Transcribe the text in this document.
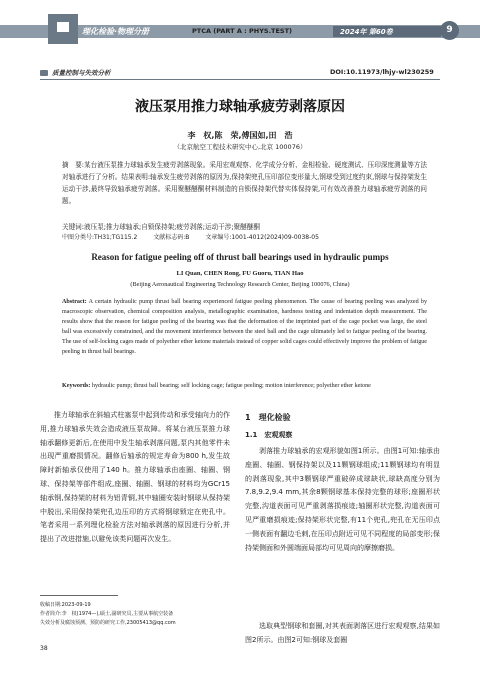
理化检验·物理分册	PTCA (PART A : PHYS.TEST)	2024年 第60卷	9
质量控制与失效分析	DOI:10.11973/lhjy-wl230259
液压泵用推力球轴承疲劳剥落原因
李　权,陈　荣,傅国如,田　浩
（北京航空工程技术研究中心,北京 100076）
摘　要:某台液压泵推力球轴承发生疲劳剥落现象。采用宏观观察、化学成分分析、金相检验、硬度测试、压印深度测量等方法对轴承进行了分析。结果表明:轴承发生疲劳剥落的原因为,保持架兜孔压印部位变形量大,钢球受到过度约束,钢球与保持架发生运动干涉,最终导致轴承疲劳剥落。采用聚醚醚酮材料制造的自锁保持架代替实体保持架,可有效改善推力球轴承疲劳剥落的问题。
关键词:液压泵;推力球轴承;自锁保持架;疲劳剥落;运动干涉;聚醚醚酮
中图分类号:TH31;TG115.2	文献标志码:B	文章编号:1001-4012(2024)09-0038-05
Reason for fatigue peeling off of thrust ball bearings used in hydraulic pumps
LI Quan, CHEN Rong, FU Guoru, TIAN Hao
(Beijing Aeronautical Engineering Technology Research Center, Beijing 100076, China)
Abstract: A certain hydraulic pump thrust ball bearing experienced fatigue peeling phenomenon. The cause of bearing peeling was analyzed by macroscopic observation, chemical composition analysis, metallographic examination, hardness testing and indentation depth measurement. The results show that the reason for fatigue peeling of the bearing was that the deformation of the imprinted part of the cage pocket was large, the steel ball was excessively constrained, and the movement interference between the steel ball and the cage ultimately led to fatigue peeling of the bearing. The use of self-locking cages made of polyether ether ketone materials instead of copper solid cages could effectively improve the problem of fatigue peeling in thrust ball bearings.
Keywords: hydraulic pump; thrust ball bearing; self locking cage; fatigue peeling; motion interference; polyether ether ketone
推力球轴承在斜轴式柱塞泵中起到传动和承受轴向力的作用,推力球轴承失效会造成液压泵故障。将某台液压泵推力球轴承翻修更新后,在使用中发生轴承剥落问题,泵内其他零件未出现严重磨损情况。翻修后轴承的规定寿命为800 h,发生故障时新轴承仅使用了140 h。推力球轴承由座圈、轴圈、钢球、保持架等部件组成,座圈、轴圈、钢球的材料均为GCr15轴承钢,保持架的材料为铝青铜,其中轴圈安装时钢球从保持架中脱出,采用保持架兜孔边压印的方式将钢球锁定在兜孔中。笔者采用一系列理化检验方法对轴承剥落的原因进行分析,并提出了改进措施,以避免该类问题再次发生。
1　理化检验
1.1　宏观观察
剥落推力球轴承的宏观形貌如图1所示。由图1可知:轴承由座圈、轴圈、钢保持架以及11颗钢球组成;11颗钢球均有明显的剥落现象,其中3颗钢球严重破碎成球缺状,球缺高度分别为7.8,9.2,9.4 mm,其余8颗钢球基本保持完整的球形;座圈形状完整,沟道表面可见严重剥落损痕迹;轴圈形状完整,沟道表面可见严重磨损痕迹;保持架形状完整,有11个兜孔,兜孔在无压印点一侧表面有翻边毛刺,在压印点附近可见不同程度的局部变形;保持架侧面和外圆端面局部均可见周向的摩擦磨损。
选取典型钢球和套圈,对其表面剥落区进行宏观观察,结果如图2所示。由图2可知:钢球及套圈
收稿日期:2023-09-19
作者简介:李　权(1974—),硕士,副研究员,主要从事航空装备
失效分析及腐蚀预测、预防的研究工作,23005413@qq.com
38
